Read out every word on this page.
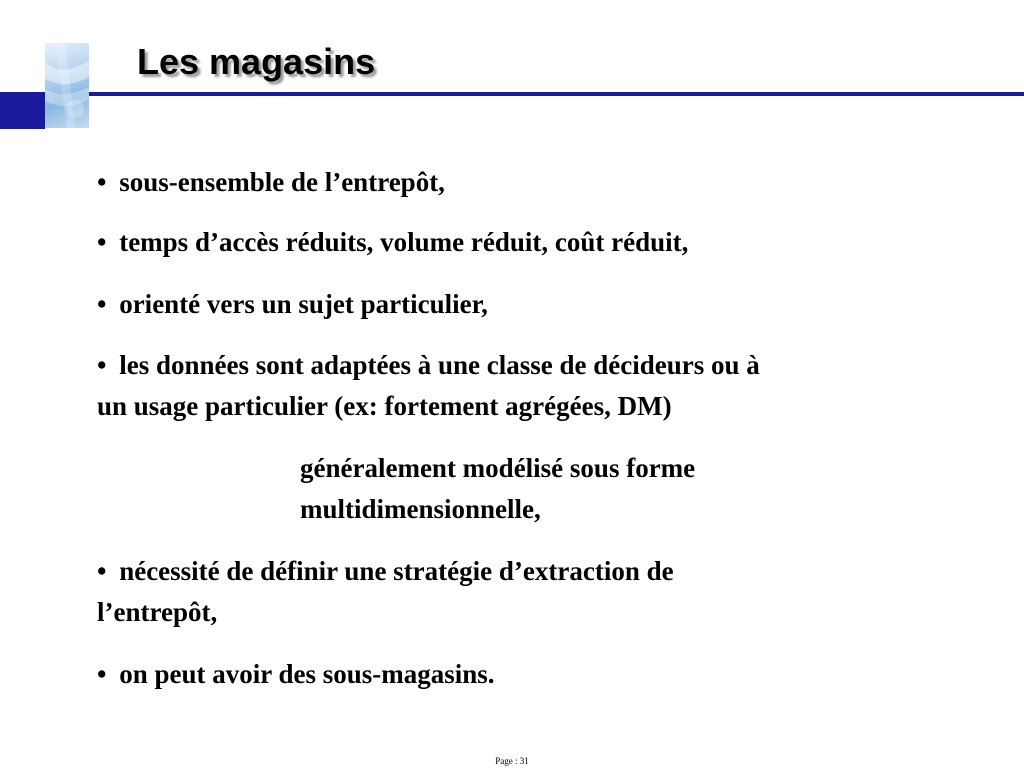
Les magasins

• sous-ensemble de l’entrepôt,

• temps d’accès réduits, volume réduit, coût réduit,

• orienté vers un sujet particulier,

• les données sont adaptées à une classe de décideurs ou à

un usage particulier (ex: fortement agrégées, DM)

généralement modélisé sous forme

multidimensionnelle,

• nécessité de définir une stratégie d’extraction de

l’entrepôt,

• on peut avoir des sous-magasins.

Page : 31
